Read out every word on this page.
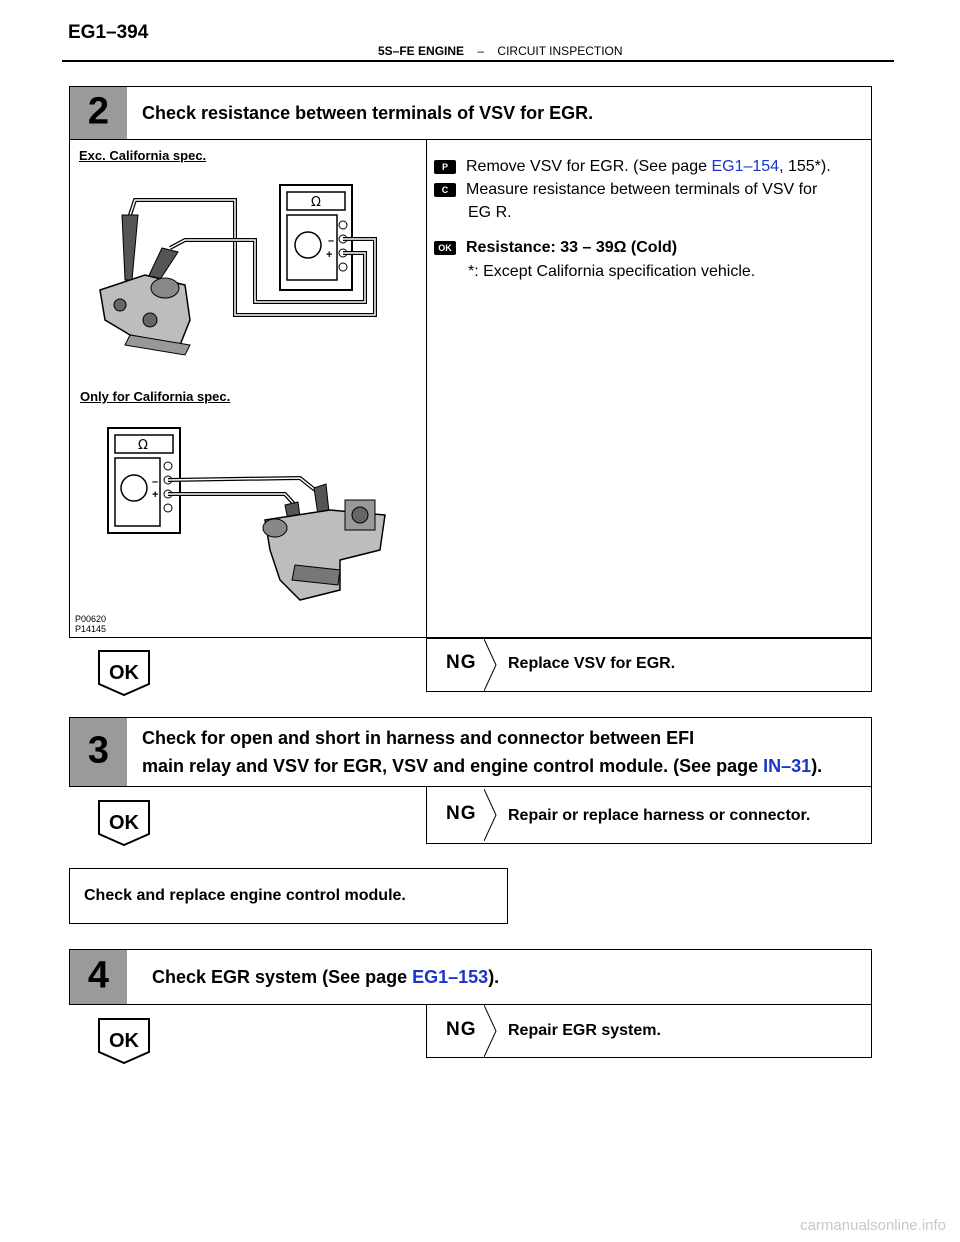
EG1–394
5S–FE ENGINE – CIRCUIT INSPECTION
2	Check resistance between terminals of VSV for EGR.
Exc. California spec.
Ω
–
+
Only for California spec.
Ω
–
+
P00620
P14145
P Remove VSV for EGR. (See page EG1–154, 155*).
C Measure resistance between terminals of VSV for
EG R.
OK Resistance: 33 – 39Ω (Cold)
*: Except California specification vehicle.
OK	NG Replace VSV for EGR.
3	Check for open and short in harness and connector between EFI
main relay and VSV for EGR, VSV and engine control module. (See page IN–31).
OK	NG Repair or replace harness or connector.
Check and replace engine control module.
4	Check EGR system (See page EG1–153).
OK
NG Repair EGR system.
carmanualsonline.info
